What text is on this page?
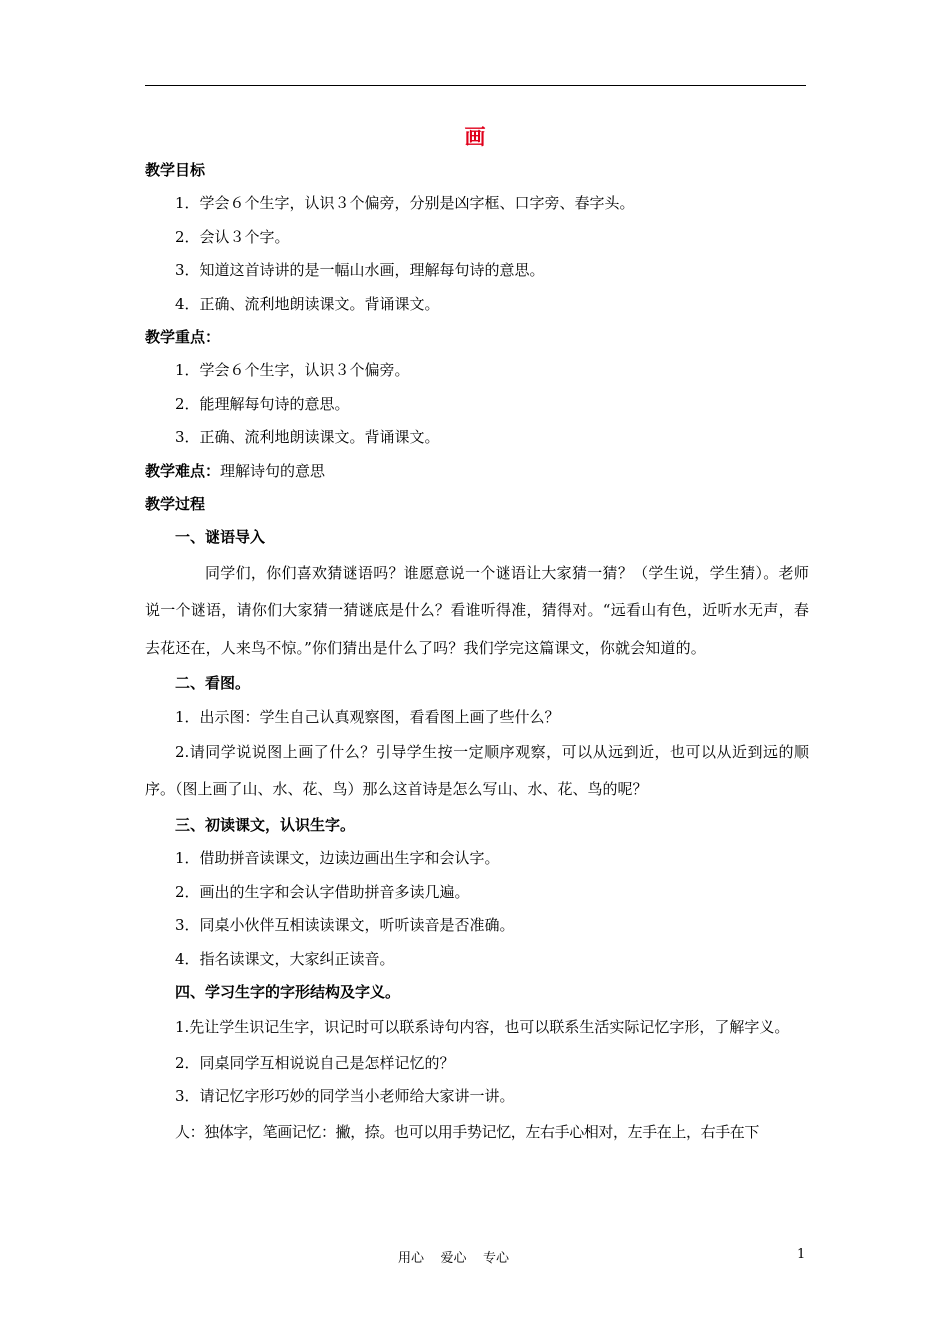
画
教学目标
1．学会６个生字，认识３个偏旁，分别是凶字框、口字旁、春字头。
2．会认３个字。
3．知道这首诗讲的是一幅山水画，理解每句诗的意思。
4．正确、流利地朗读课文。背诵课文。
教学重点：
1．学会６个生字，认识３个偏旁。
2．能理解每句诗的意思。
3．正确、流利地朗读课文。背诵课文。
教学难点：理解诗句的意思
教学过程
一、谜语导入
同学们，你们喜欢猜谜语吗？谁愿意说一个谜语让大家猜一猜？（学生说，学生猜）。老师说一个谜语，请你们大家猜一猜谜底是什么？看谁听得准，猜得对。“远看山有色，近听水无声，春去花还在，人来鸟不惊。”你们猜出是什么了吗？我们学完这篇课文，你就会知道的。
二、看图。
1．出示图：学生自己认真观察图，看看图上画了些什么？
2.请同学说说图上画了什么？引导学生按一定顺序观察，可以从远到近，也可以从近到远的顺序。（图上画了山、水、花、鸟）那么这首诗是怎么写山、水、花、鸟的呢？
三、初读课文，认识生字。
1．借助拼音读课文，边读边画出生字和会认字。
2．画出的生字和会认字借助拼音多读几遍。
3．同桌小伙伴互相读读课文，听听读音是否准确。
4．指名读课文，大家纠正读音。
四、学习生字的字形结构及字义。
1.先让学生识记生字，识记时可以联系诗句内容，也可以联系生活实际记忆字形，了解字义。
2．同桌同学互相说说自己是怎样记忆的？
3．请记忆字形巧妙的同学当小老师给大家讲一讲。
人：独体字，笔画记忆：撇，捺。也可以用手势记忆，左右手心相对，左手在上，右手在下
用心    爱心    专心	1
